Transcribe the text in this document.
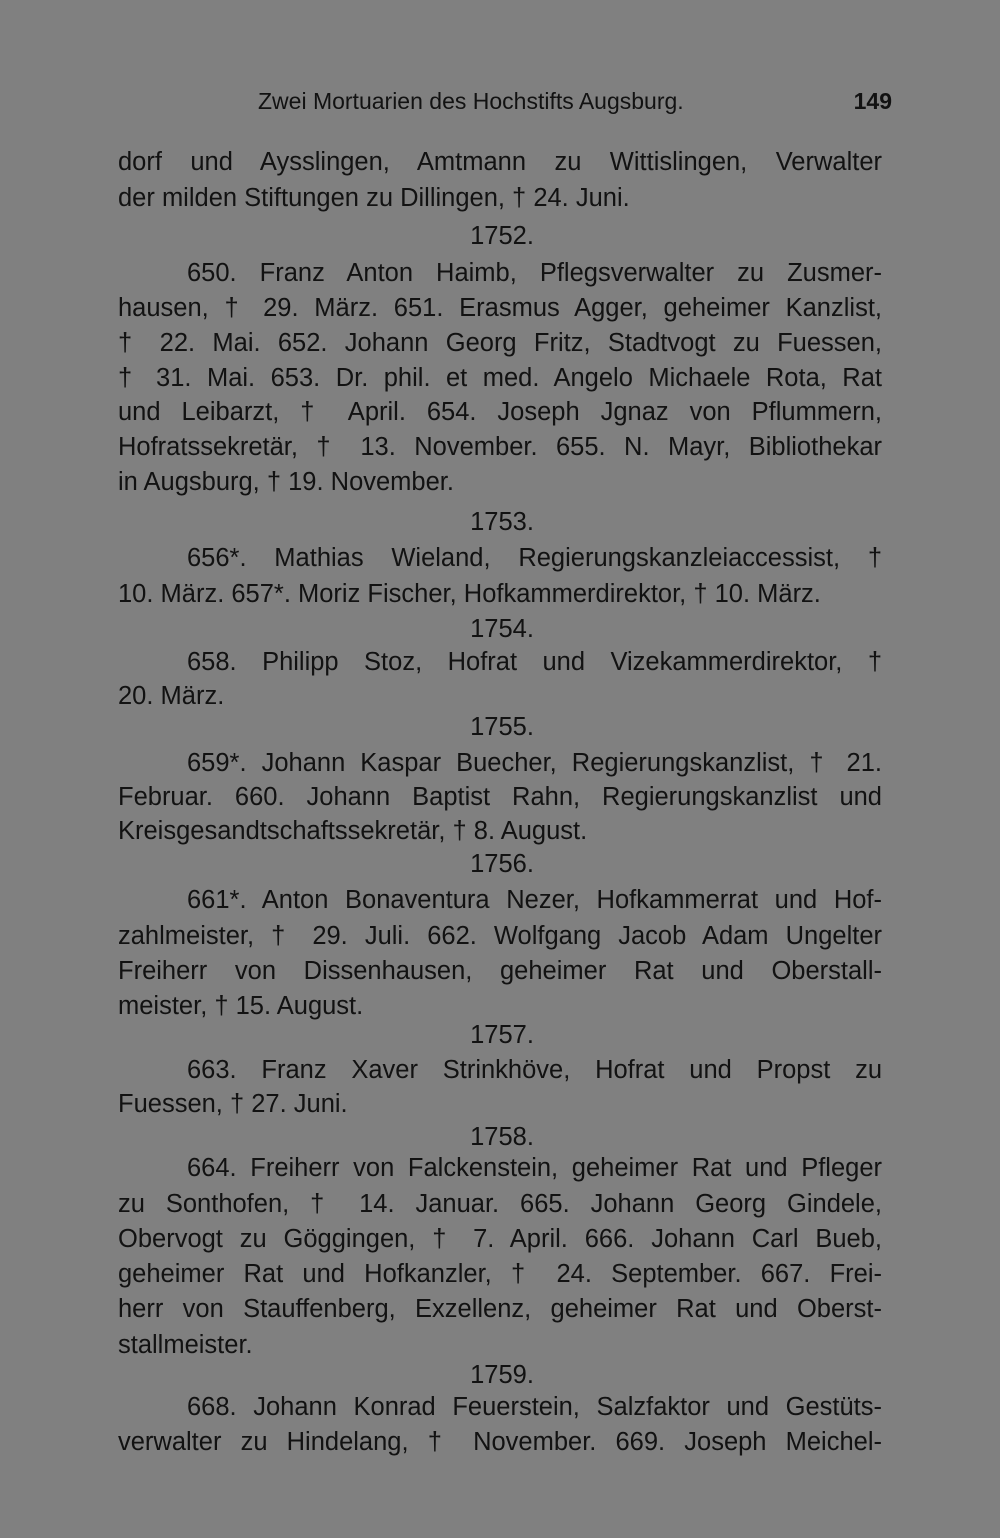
Zwei Mortuarien des Hochstifts Augsburg.	149
dorf und Aysslingen, Amtmann zu Wittislingen, Verwalter
der milden Stiftungen zu Dillingen, † 24. Juni.
1752.
650. Franz Anton Haimb, Pflegsverwalter zu Zusmer-
hausen, † 29. März. 651. Erasmus Agger, geheimer Kanzlist,
† 22. Mai. 652. Johann Georg Fritz, Stadtvogt zu Fuessen,
† 31. Mai. 653. Dr. phil. et med. Angelo Michaele Rota, Rat
und Leibarzt, † April. 654. Joseph Jgnaz von Pflummern,
Hofratssekretär, † 13. November. 655. N. Mayr, Bibliothekar
in Augsburg, † 19. November.
1753.
656*. Mathias Wieland, Regierungskanzleiaccessist, †
10. März. 657*. Moriz Fischer, Hofkammerdirektor, † 10. März.
1754.
658. Philipp Stoz, Hofrat und Vizekammerdirektor, †
20. März.
1755.
659*. Johann Kaspar Buecher, Regierungskanzlist, † 21.
Februar. 660. Johann Baptist Rahn, Regierungskanzlist und
Kreisgesandtschaftssekretär, † 8. August.
1756.
661*. Anton Bonaventura Nezer, Hofkammerrat und Hof-
zahlmeister, † 29. Juli. 662. Wolfgang Jacob Adam Ungelter
Freiherr von Dissenhausen, geheimer Rat und Oberstall-
meister, † 15. August.
1757.
663. Franz Xaver Strinkhöve, Hofrat und Propst zu
Fuessen, † 27. Juni.
1758.
664. Freiherr von Falckenstein, geheimer Rat und Pfleger
zu Sonthofen, † 14. Januar. 665. Johann Georg Gindele,
Obervogt zu Göggingen, † 7. April. 666. Johann Carl Bueb,
geheimer Rat und Hofkanzler, † 24. September. 667. Frei-
herr von Stauffenberg, Exzellenz, geheimer Rat und Oberst-
stallmeister.
1759.
668. Johann Konrad Feuerstein, Salzfaktor und Gestüts-
verwalter zu Hindelang, † November. 669. Joseph Meichel-
